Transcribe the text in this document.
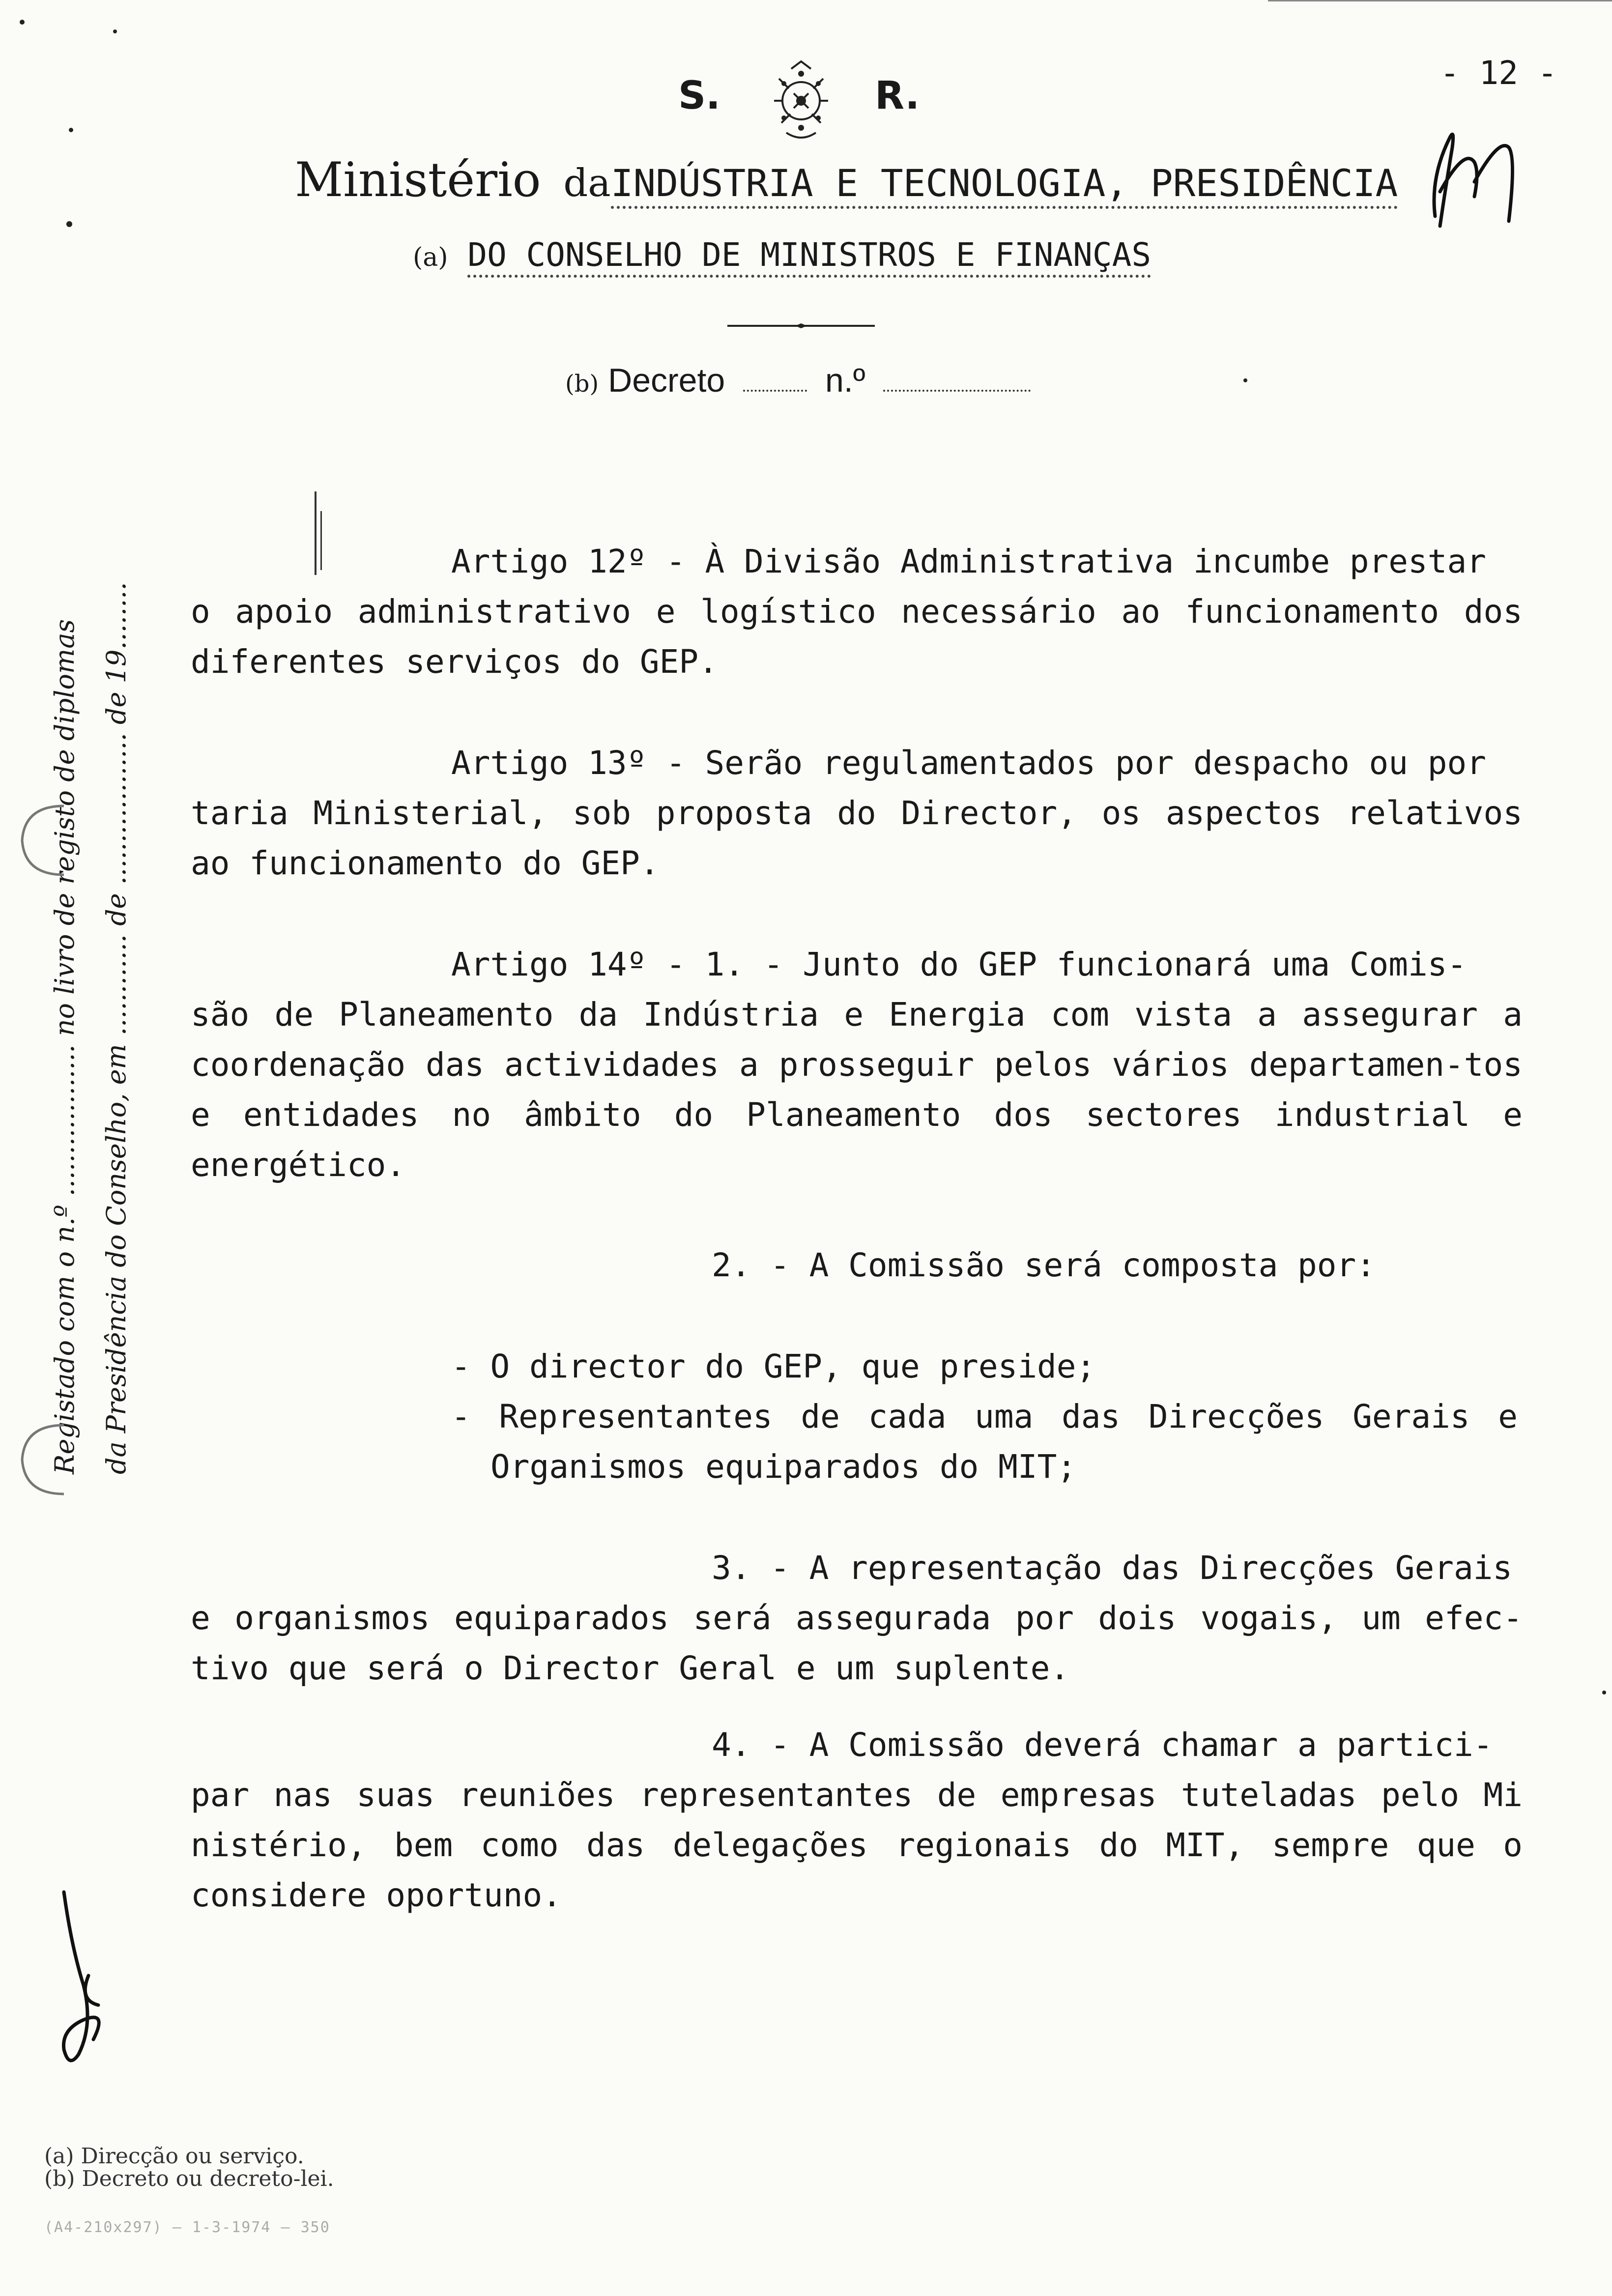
S.	R.
- 12 -
Ministério daINDÚSTRIA E TECNOLOGIA, PRESIDÊNCIA
(a) DO CONSELHO DE MINISTROS E FINANÇAS
(b) Decreto	n.º
Artigo 12º - À Divisão Administrativa incumbe prestar
o apoio administrativo e logístico necessário ao funcionamento dos diferentes serviços do GEP.
Artigo 13º - Serão regulamentados por despacho ou por
taria Ministerial, sob proposta do Director, os aspectos relativos ao funcionamento do GEP.
Artigo 14º - 1. - Junto do GEP funcionará uma Comis-
são de Planeamento da Indústria e Energia com vista a assegurar a coordenação das actividades a prosseguir pelos vários departamen-tos e entidades no âmbito do Planeamento dos sectores industrial e energético.
2. - A Comissão será composta por:
- O director do GEP, que preside;
- Representantes de cada uma das Direcções Gerais e
Organismos equiparados do MIT;
3. - A representação das Direcções Gerais
e organismos equiparados será assegurada por dois vogais, um efec-tivo que será o Director Geral e um suplente.
4. - A Comissão deverá chamar a partici-
par nas suas reuniões representantes de empresas tuteladas pelo Mi nistério, bem como das delegações regionais do MIT, sempre que o considere oportuno.
Registado com o n.º .................. no livro de registo de diplomas da Presidência do Conselho, em ............ de .................. de 19........
(a) Direcção ou serviço.
(b) Decreto ou decreto-lei.
(A4-210x297) — 1-3-1974 — 350
